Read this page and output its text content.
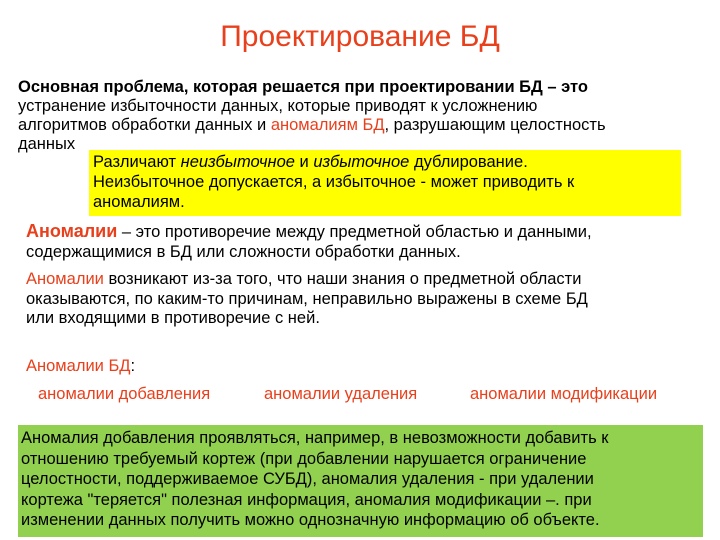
Проектирование БД
Основная проблема, которая решается при проектировании БД – это
устранение избыточности данных, которые приводят к усложнению
алгоритмов обработки данных и аномалиям БД, разрушающим целостность
данных
Различают неизбыточное и избыточное дублирование.
Неизбыточное допускается, а избыточное - может приводить к
аномалиям.
Аномалии – это противоречие между предметной областью и данными,
содержащимися в БД или сложности обработки данных.
Аномалии возникают из-за того, что наши знания о предметной области
оказываются, по каким-то причинам, неправильно выражены в схеме БД
или входящими в противоречие с ней.
Аномалии БД:
аномалии добавления	аномалии удаления	аномалии модификации
Аномалия добавления проявляться, например, в невозможности добавить к
отношению требуемый кортеж (при добавлении нарушается ограничение
целостности, поддерживаемое СУБД), аномалия удаления - при удалении
кортежа "теряется" полезная информация, аномалия модификации –. при
изменении данных получить можно однозначную информацию об объекте.
